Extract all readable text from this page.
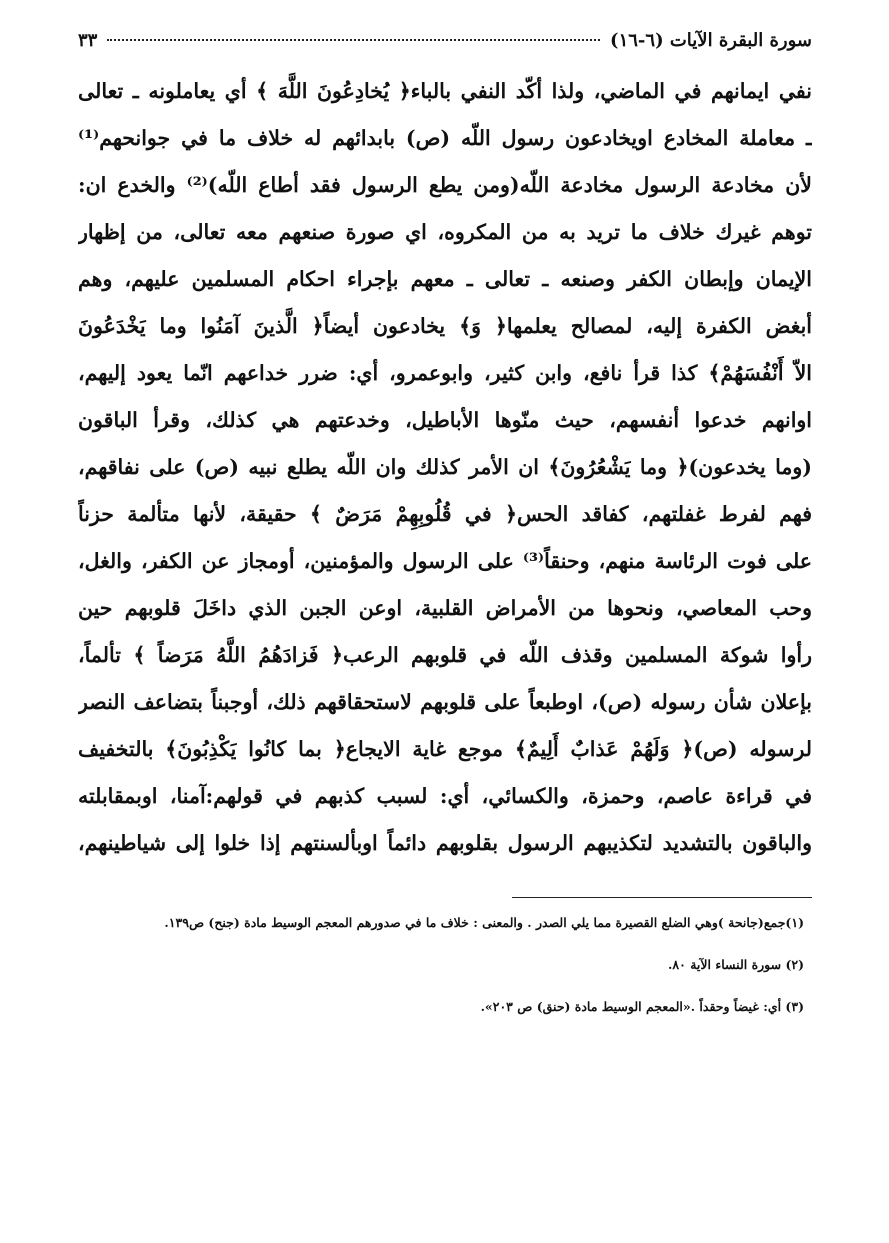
سورة البقرة الآيات (٦-١٦)
٣٣
نفي ايمانهم في الماضي، ولذا أكّد النفي بالباء﴿ يُخادِعُونَ اللَّهَ ﴾ أي يعاملونه ـ تعالى
ـ معاملة المخادع اويخادعون رسول اللّه (ص) بابدائهم له خلاف ما في جوانحهم⁽¹⁾
لأن مخادعة الرسول مخادعة اللّه(ومن يطع الرسول فقد أطاع اللّه)⁽²⁾ والخدع ان:
توهم غيرك خلاف ما تريد به من المكروه، اي صورة صنعهم معه تعالى، من إظهار
الإيمان وإبطان الكفر وصنعه ـ تعالى ـ معهم بإجراء احكام المسلمين عليهم، وهم
أبغض الكفرة إليه، لمصالح يعلمها﴿ وَ﴾ يخادعون أيضاً﴿ الَّذينَ آمَنُوا وما يَخْدَعُونَ
الاّ أَنْفُسَهُمْ﴾ كذا قرأ نافع، وابن كثير، وابوعمرو، أي: ضرر خداعهم انّما يعود إليهم،
اوانهم خدعوا أنفسهم، حيث منّوها الأباطيل، وخدعتهم هي كذلك، وقرأ الباقون
(وما يخدعون)﴿ وما يَشْعُرُونَ﴾ ان الأمر كذلك وان اللّه يطلع نبيه (ص) على نفاقهم،
فهم لفرط غفلتهم، كفاقد الحس﴿ في قُلُوبِهِمْ مَرَضٌ ﴾ حقيقة، لأنها متألمة حزناً
على فوت الرئاسة منهم، وحنقاً⁽³⁾ على الرسول والمؤمنين، أومجاز عن الكفر، والغل،
وحب المعاصي، ونحوها من الأمراض القلبية، اوعن الجبن الذي داخَلَ قلوبهم حين
رأوا شوكة المسلمين وقذف اللّه في قلوبهم الرعب﴿ فَزادَهُمُ اللَّهُ مَرَضاً ﴾ تألماً،
بإعلان شأن رسوله (ص)، اوطبعاً على قلوبهم لاستحقاقهم ذلك، أوجبناً بتضاعف النصر
لرسوله (ص)﴿ وَلَهُمْ عَذابٌ أَلِيمٌ﴾ موجع غاية الايجاع﴿ بما كانُوا يَكْذِبُونَ﴾ بالتخفيف
في قراءة عاصم، وحمزة، والكسائي، أي: لسبب كذبهم في قولهم:آمنا، اوبمقابلته
والباقون بالتشديد لتكذيبهم الرسول بقلوبهم دائماً اوبألسنتهم إذا خلوا إلى شياطينهم،
(١)جمع(جانحة )وهي الضلع القصيرة مما يلي الصدر . والمعنى : خلاف ما في صدورهم المعجم الوسيط مادة (جنح) ص١٣٩.
(٢) سورة النساء الآية ٨٠.
(٣) أي: غيضاً وحقداً .«المعجم الوسيط مادة (حنق) ص ٢٠٣».
